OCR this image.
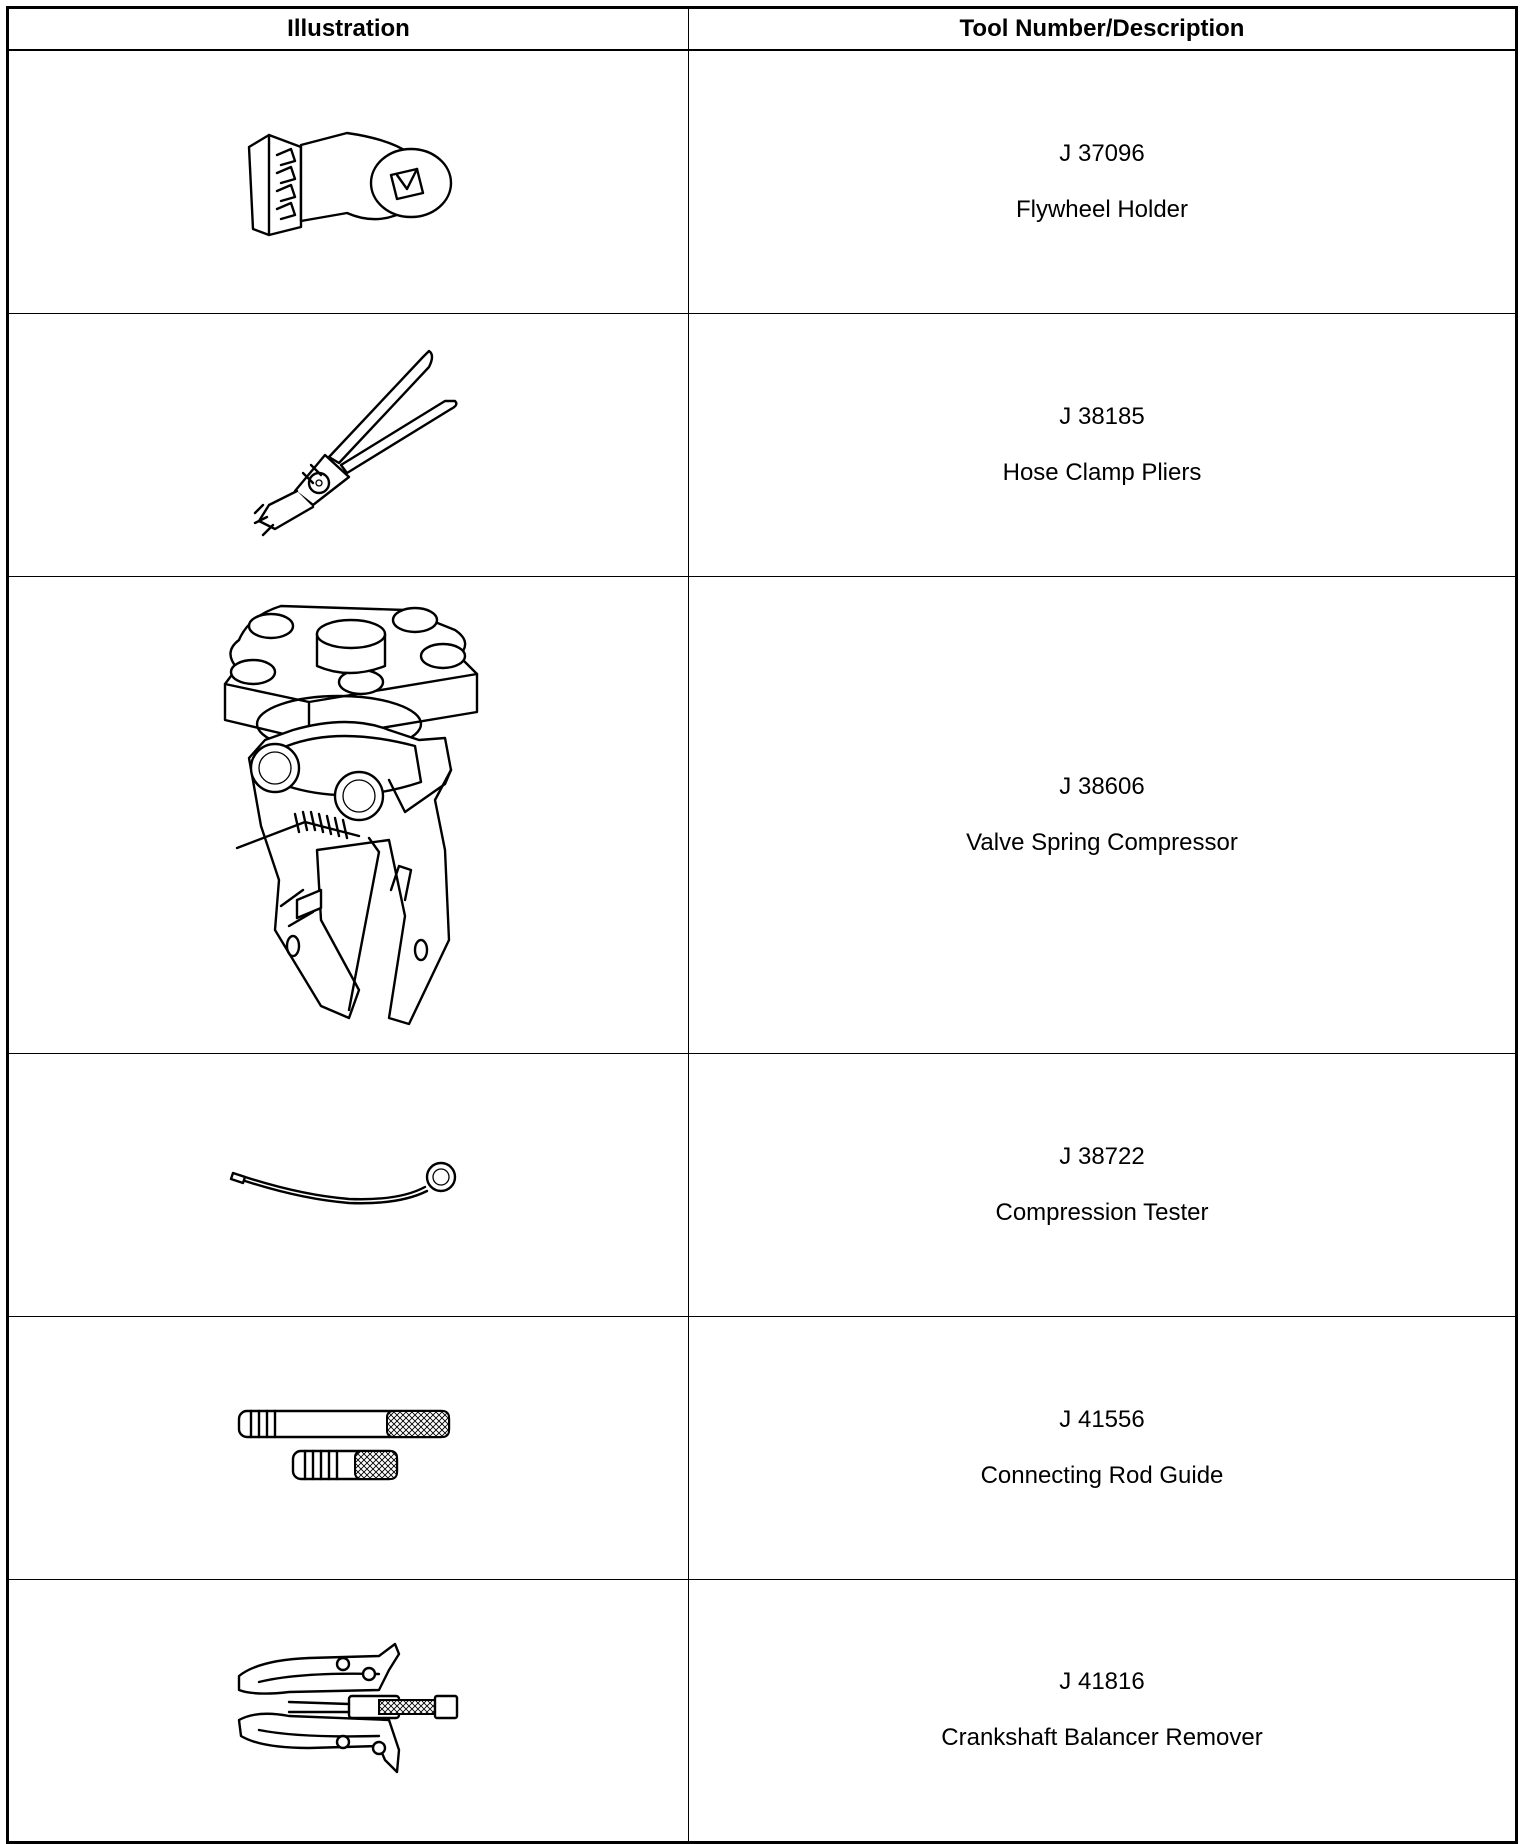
Illustration	Tool Number/Description

J 37096
Flywheel Holder

J 38185
Hose Clamp Pliers

J 38606
Valve Spring Compressor

J 38722
Compression Tester

J 41556
Connecting Rod Guide

J 41816
Crankshaft Balancer Remover
